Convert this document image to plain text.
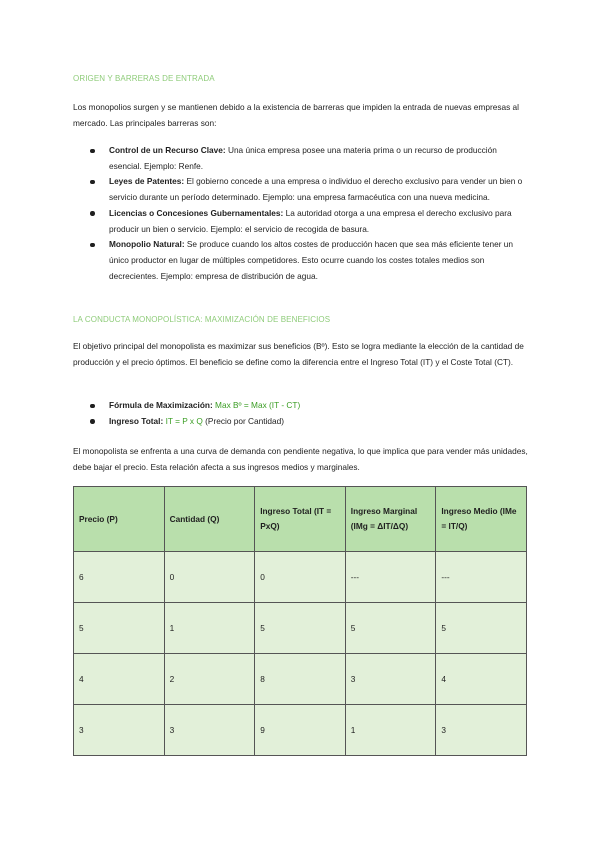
ORIGEN Y BARRERAS DE ENTRADA
Los monopolios surgen y se mantienen debido a la existencia de barreras que impiden la entrada de nuevas empresas al mercado. Las principales barreras son:
Control de un Recurso Clave: Una única empresa posee una materia prima o un recurso de producción esencial. Ejemplo: Renfe.
Leyes de Patentes: El gobierno concede a una empresa o individuo el derecho exclusivo para vender un bien o servicio durante un período determinado. Ejemplo: una empresa farmacéutica con una nueva medicina.
Licencias o Concesiones Gubernamentales: La autoridad otorga a una empresa el derecho exclusivo para producir un bien o servicio. Ejemplo: el servicio de recogida de basura.
Monopolio Natural: Se produce cuando los altos costes de producción hacen que sea más eficiente tener un único productor en lugar de múltiples competidores. Esto ocurre cuando los costes totales medios son decrecientes. Ejemplo: empresa de distribución de agua.
LA CONDUCTA MONOPOLÍSTICA: MAXIMIZACIÓN DE BENEFICIOS
El objetivo principal del monopolista es maximizar sus beneficios (Bº). Esto se logra mediante la elección de la cantidad de producción y el precio óptimos. El beneficio se define como la diferencia entre el Ingreso Total (IT) y el Coste Total (CT).
Fórmula de Maximización: Max Bº = Max (IT - CT)
Ingreso Total: IT = P x Q (Precio por Cantidad)
El monopolista se enfrenta a una curva de demanda con pendiente negativa, lo que implica que para vender más unidades, debe bajar el precio. Esta relación afecta a sus ingresos medios y marginales.
Precio (P)	Cantidad (Q)	Ingreso Total (IT = PxQ)	Ingreso Marginal (IMg = ΔIT/ΔQ)	Ingreso Medio (IMe = IT/Q)
6	0	0	---	---
5	1	5	5	5
4	2	8	3	4
3	3	9	1	3
